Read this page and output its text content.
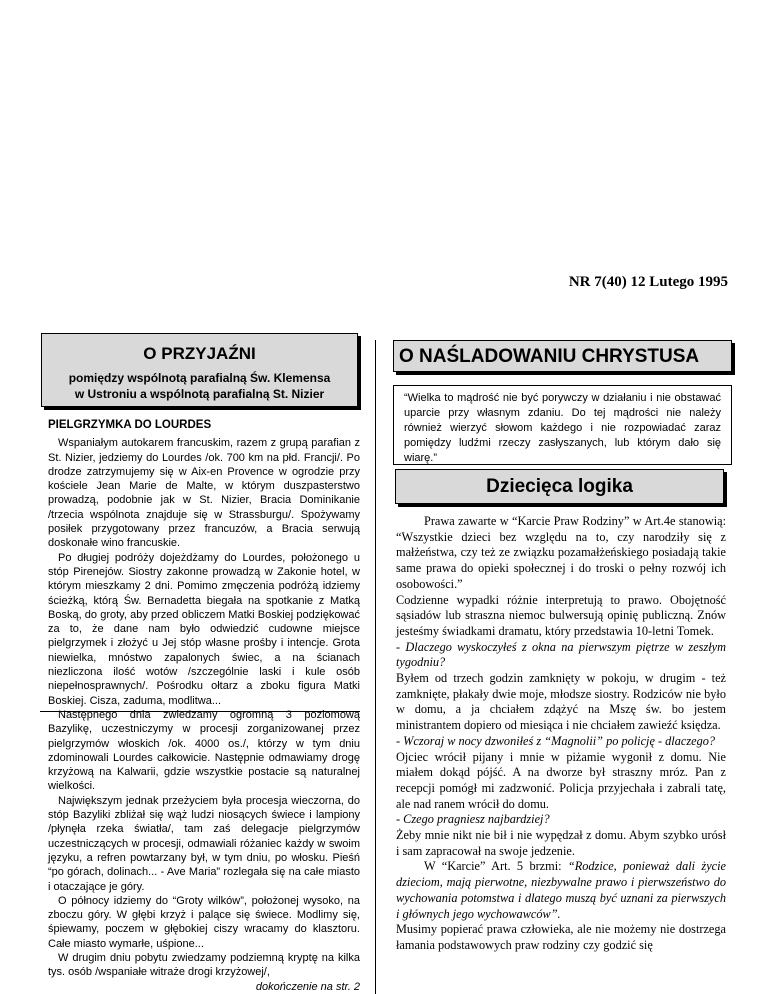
NR 7(40) 12 Lutego 1995
O PRZYJAŹNI
pomiędzy wspólnotą parafialną Św. Klemensa
w Ustroniu a wspólnotą parafialną St. Nizier
PIELGRZYMKA DO LOURDES

Wspaniałym autokarem francuskim, razem z grupą parafian z St. Nizier, jedziemy do Lourdes /ok. 700 km na płd. Francji/. Po drodze zatrzymujemy się w Aix-en Provence w ogrodzie przy kościele Jean Marie de Malte, w którym duszpasterstwo prowadzą, podobnie jak w St. Nizier, Bracia Dominikanie /trzecia wspólnota znajduje się w Strassburgu/. Spożywamy posiłek przygotowany przez francuzów, a Bracia serwują doskonałe wino francuskie.

Po długiej podróży dojeżdżamy do Lourdes, położonego u stóp Pirenejów. Siostry zakonne prowadzą w Zakonie hotel, w którym mieszkamy 2 dni. Pomimo zmęczenia podróżą idziemy ścieżką, którą Św. Bernadetta biegała na spotkanie z Matką Boską, do groty, aby przed obliczem Matki Boskiej podziękować za to, że dane nam było odwiedzić cudowne miejsce pielgrzymek i złożyć u Jej stóp własne prośby i intencje. Grota niewielka, mnóstwo zapalonych świec, a na ścianach niezliczona ilość wotów /szczególnie laski i kule osób niepełnosprawnych/. Pośrodku ołtarz a zboku figura Matki Boskiej. Cisza, zaduma, modlitwa...

Następnego dnia zwiedzamy ogromną 3 poziomową Bazylikę, uczestniczymy w procesji zorganizowanej przez pielgrzymów włoskich /ok. 4000 os./, którzy w tym dniu zdominowali Lourdes całkowicie. Następnie odmawiamy drogę krzyżową na Kalwarii, gdzie wszystkie postacie są naturalnej wielkości.

Największym jednak przeżyciem była procesja wieczorna, do stóp Bazyliki zbliżał się wąż ludzi niosących świece i lampiony /płynęła rzeka światła/, tam zaś delegacje pielgrzymów uczestniczących w procesji, odmawiali różaniec każdy w swoim języku, a refren powtarzany był, w tym dniu, po włosku. Pieśń “po górach, dolinach... - Ave Maria” rozlegała się na całe miasto i otaczające je góry.

O północy idziemy do “Groty wilków”, położonej wysoko, na zboczu góry. W głębi krzyż i palące się świece. Modlimy się, śpiewamy, poczem w głębokiej ciszy wracamy do klasztoru. Całe miasto wymarłe, uśpione...

W drugim dniu pobytu zwiedzamy podziemną kryptę na kilka tys. osób /wspaniałe witraże drogi krzyżowej/,

dokończenie na str. 2
O NAŚLADOWANIU CHRYSTUSA
“Wielka to mądrość nie być porywczy w działaniu i nie obstawać uparcie przy własnym zdaniu. Do tej mądrości nie należy również wierzyć słowom każdego i nie rozpowiadać zaraz pomiędzy ludźmi rzeczy zasłyszanych, lub którym dało się wiarę.”
Dziecięca logika

Prawa zawarte w “Karcie Praw Rodziny” w Art.4e stanowią: “Wszystkie dzieci bez względu na to, czy narodziły się z małżeństwa, czy też ze związku pozamałżeńskiego posiadają takie same prawa do opieki społecznej i do troski o pełny rozwój ich osobowości.”

Codzienne wypadki różnie interpretują to prawo. Obojętność sąsiadów lub straszna niemoc bulwersują opinię publiczną. Znów jesteśmy świadkami dramatu, który przedstawia 10-letni Tomek.

- Dlaczego wyskoczyłeś z okna na pierwszym piętrze w zeszłym tygodniu?

Byłem od trzech godzin zamknięty w pokoju, w drugim - też zamknięte, płakały dwie moje, młodsze siostry. Rodziców nie było w domu, a ja chciałem zdążyć na Mszę św. bo jestem ministrantem dopiero od miesiąca i nie chciałem zawieźć księdza.

- Wczoraj w nocy dzwoniłeś z “Magnolii” po policję - dlaczego?

Ojciec wrócił pijany i mnie w piżamie wygonił z domu. Nie miałem dokąd pójść. A na dworze był straszny mróz. Pan z recepcji pomógł mi zadzwonić. Policja przyjechała i zabrali tatę, ale nad ranem wrócił do domu.

- Czego pragniesz najbardziej?

Żeby mnie nikt nie bił i nie wypędzał z domu. Abym szybko urósł i sam zapracował na swoje jedzenie.

W “Karcie” Art. 5 brzmi: “Rodzice, ponieważ dali życie dzieciom, mają pierwotne, niezbywalne prawo i pierwszeństwo do wychowania potomstwa i dlatego muszą być uznani za pierwszych i głównych jego wychowawców”.

Musimy popierać prawa człowieka, ale nie możemy nie dostrzega łamania podstawowych praw rodziny czy godzić się
